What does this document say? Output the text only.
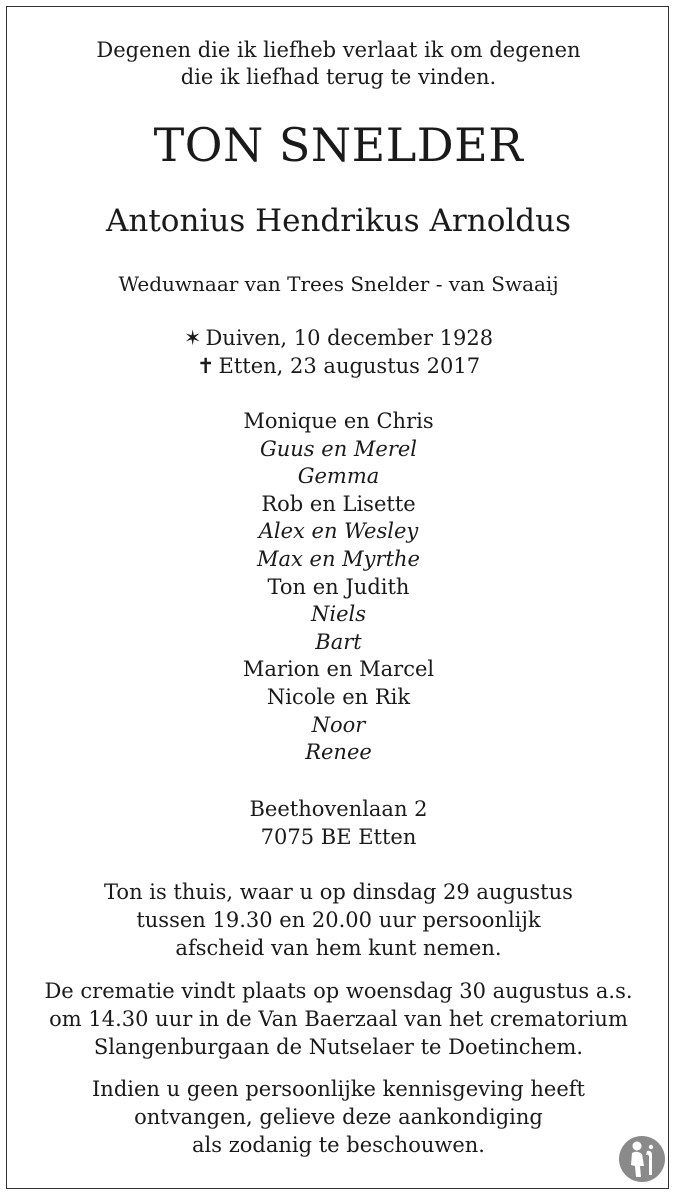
Degenen die ik liefheb verlaat ik om degenen
die ik liefhad terug te vinden.
TON SNELDER
Antonius Hendrikus Arnoldus
Weduwnaar van Trees Snelder - van Swaaij
✶ Duiven, 10 december 1928
✝ Etten, 23 augustus 2017
Monique en Chris
Guus en Merel
Gemma
Rob en Lisette
Alex en Wesley
Max en Myrthe
Ton en Judith
Niels
Bart
Marion en Marcel
Nicole en Rik
Noor
Renee
Beethovenlaan 2
7075 BE Etten
Ton is thuis, waar u op dinsdag 29 augustus
tussen 19.30 en 20.00 uur persoonlijk
afscheid van hem kunt nemen.
De crematie vindt plaats op woensdag 30 augustus a.s.
om 14.30 uur in de Van Baerzaal van het crematorium
Slangenburgaan de Nutselaer te Doetinchem.
Indien u geen persoonlijke kennisgeving heeft
ontvangen, gelieve deze aankondiging
als zodanig te beschouwen.
